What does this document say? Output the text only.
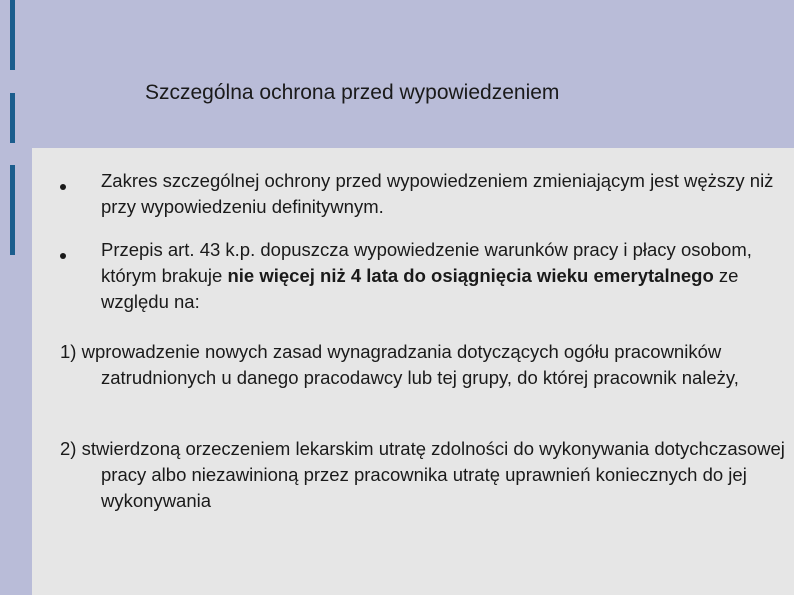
Szczególna ochrona przed wypowiedzeniem
Zakres szczególnej ochrony przed wypowiedzeniem zmieniającym jest węższy niż przy wypowiedzeniu definitywnym.
Przepis art. 43 k.p. dopuszcza wypowiedzenie warunków pracy i płacy osobom, którym brakuje nie więcej niż 4 lata do osiągnięcia wieku emerytalnego ze względu na:
1) wprowadzenie nowych zasad wynagradzania dotyczących ogółu pracowników zatrudnionych u danego pracodawcy lub tej grupy, do której pracownik należy,
2) stwierdzoną orzeczeniem lekarskim utratę zdolności do wykonywania dotychczasowej pracy albo niezawinioną przez pracownika utratę uprawnień koniecznych do jej wykonywania
